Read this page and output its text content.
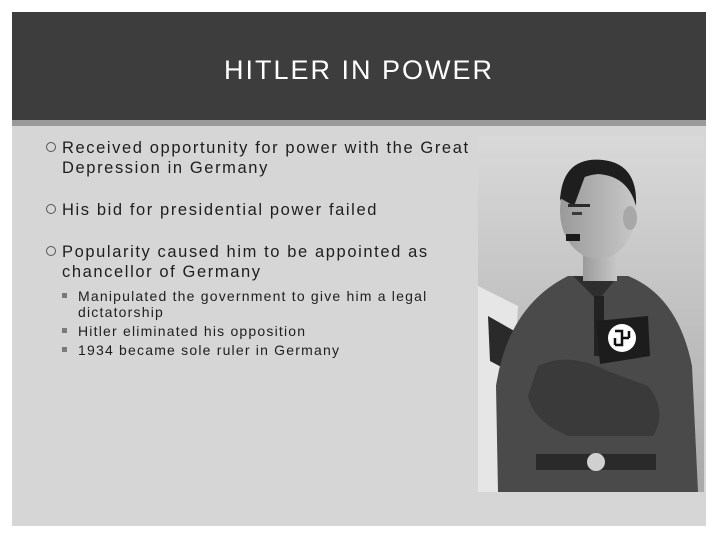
HITLER IN POWER
Received opportunity for power with the Great Depression in Germany
His bid for presidential power failed
Popularity caused him to be appointed as chancellor of Germany
Manipulated the government to give him a legal dictatorship
Hitler eliminated his opposition
1934 became sole ruler in Germany
